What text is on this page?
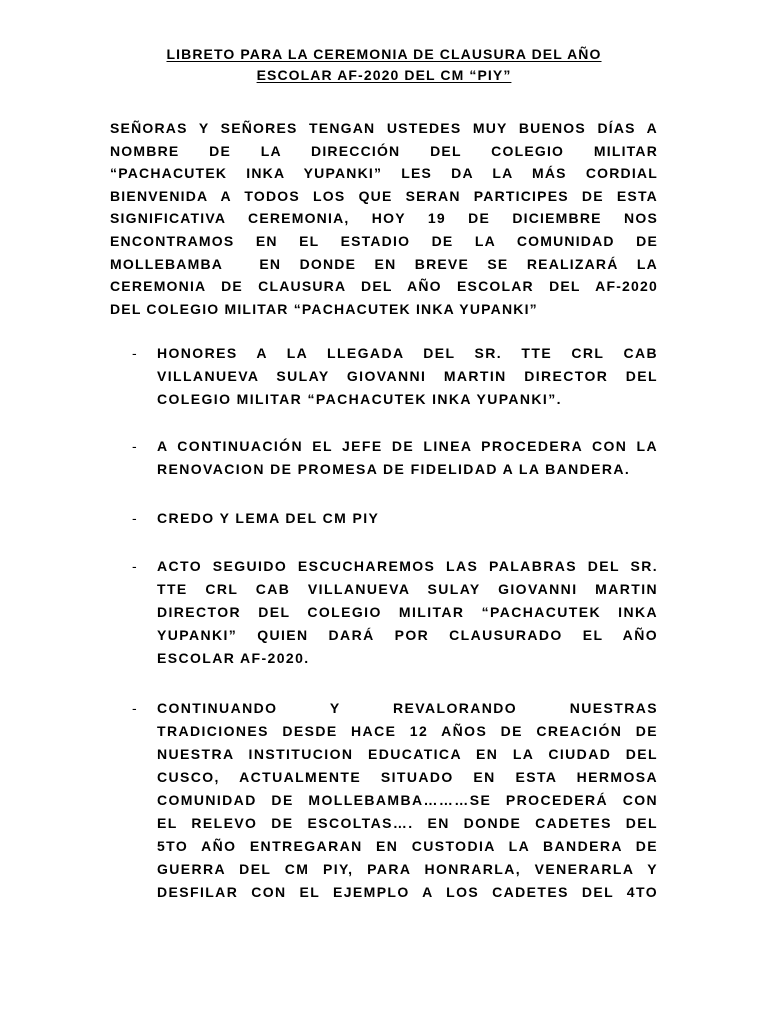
LIBRETO PARA LA CEREMONIA DE CLAUSURA DEL AÑO
ESCOLAR AF-2020 DEL CM “PIY”

SEÑORAS Y SEÑORES TENGAN USTEDES MUY BUENOS DÍAS A
NOMBRE DE LA DIRECCIÓN DEL COLEGIO MILITAR
“PACHACUTEK INKA YUPANKI” LES DA LA MÁS CORDIAL
BIENVENIDA A TODOS LOS QUE SERAN PARTICIPES DE ESTA
SIGNIFICATIVA CEREMONIA, HOY 19 DE DICIEMBRE NOS
ENCONTRAMOS EN EL ESTADIO DE LA COMUNIDAD DE
MOLLEBAMBA  EN DONDE EN BREVE SE REALIZARÁ LA
CEREMONIA DE CLAUSURA DEL AÑO ESCOLAR DEL AF-2020
DEL COLEGIO MILITAR “PACHACUTEK INKA YUPANKI”

- HONORES A LA LLEGADA DEL SR. TTE CRL CAB
VILLANUEVA SULAY GIOVANNI MARTIN DIRECTOR DEL
COLEGIO MILITAR “PACHACUTEK INKA YUPANKI”.
- A CONTINUACIÓN EL JEFE DE LINEA PROCEDERA CON LA
RENOVACION DE PROMESA DE FIDELIDAD A LA BANDERA.
- CREDO Y LEMA DEL CM PIY
- ACTO SEGUIDO ESCUCHAREMOS LAS PALABRAS DEL SR.
TTE CRL CAB VILLANUEVA SULAY GIOVANNI MARTIN
DIRECTOR DEL COLEGIO MILITAR “PACHACUTEK INKA
YUPANKI” QUIEN DARÁ POR CLAUSURADO EL AÑO
ESCOLAR AF-2020.
- CONTINUANDO Y REVALORANDO NUESTRAS
TRADICIONES DESDE HACE 12 AÑOS DE CREACIÓN DE
NUESTRA INSTITUCION EDUCATICA EN LA CIUDAD DEL
CUSCO, ACTUALMENTE SITUADO EN ESTA HERMOSA
COMUNIDAD DE MOLLEBAMBA………SE PROCEDERÁ CON
EL RELEVO DE ESCOLTAS…. EN DONDE CADETES DEL
5TO AÑO ENTREGARAN EN CUSTODIA LA BANDERA DE
GUERRA DEL CM PIY, PARA HONRARLA, VENERARLA Y
DESFILAR CON EL EJEMPLO A LOS CADETES DEL 4TO
